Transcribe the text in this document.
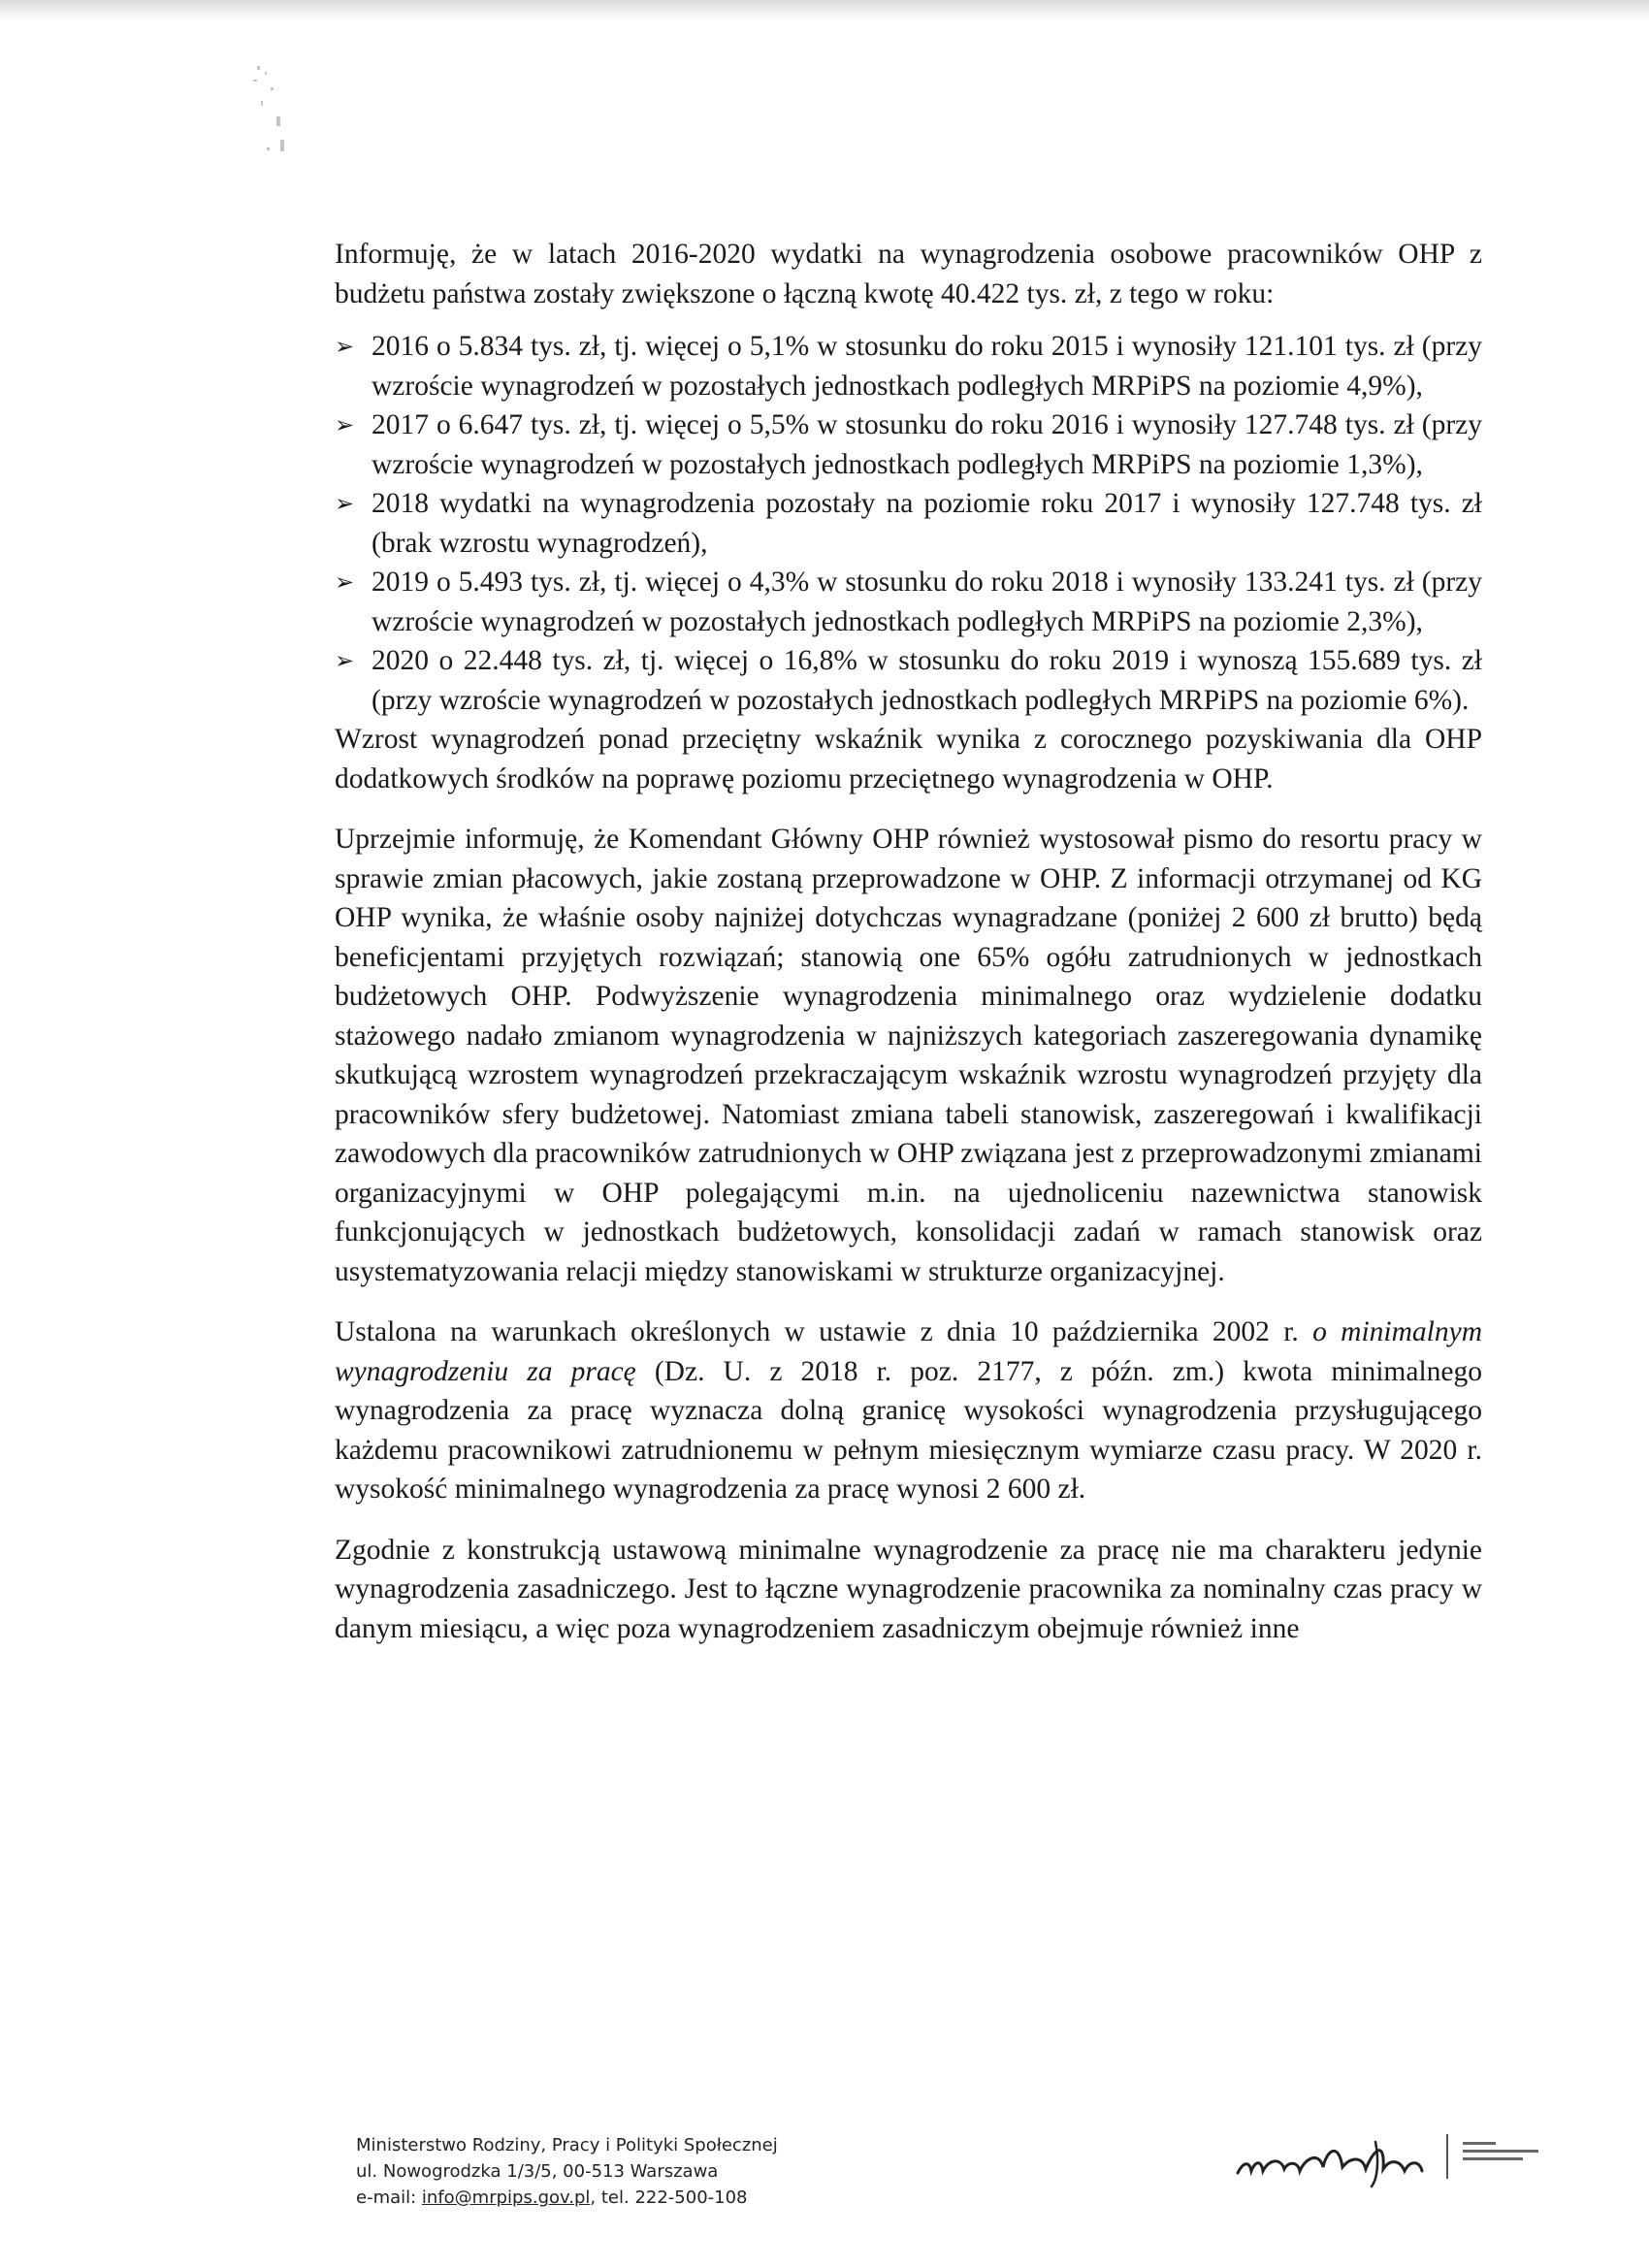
Informuję, że w latach 2016-2020 wydatki na wynagrodzenia osobowe pracowników OHP z budżetu państwa zostały zwiększone o łączną kwotę 40.422 tys. zł, z tego w roku:

➢ 2016 o 5.834 tys. zł, tj. więcej o 5,1% w stosunku do roku 2015 i wynosiły 121.101 tys. zł (przy wzroście wynagrodzeń w pozostałych jednostkach podległych MRPiPS na poziomie 4,9%),
➢ 2017 o 6.647 tys. zł, tj. więcej o 5,5% w stosunku do roku 2016 i wynosiły 127.748 tys. zł (przy wzroście wynagrodzeń w pozostałych jednostkach podległych MRPiPS na poziomie 1,3%),
➢ 2018 wydatki na wynagrodzenia pozostały na poziomie roku 2017 i wynosiły 127.748 tys. zł (brak wzrostu wynagrodzeń),
➢ 2019 o 5.493 tys. zł, tj. więcej o 4,3% w stosunku do roku 2018 i wynosiły 133.241 tys. zł (przy wzroście wynagrodzeń w pozostałych jednostkach podległych MRPiPS na poziomie 2,3%),
➢ 2020 o 22.448 tys. zł, tj. więcej o 16,8% w stosunku do roku 2019 i wynoszą 155.689 tys. zł (przy wzroście wynagrodzeń w pozostałych jednostkach podległych MRPiPS na poziomie 6%).

Wzrost wynagrodzeń ponad przeciętny wskaźnik wynika z corocznego pozyskiwania dla OHP dodatkowych środków na poprawę poziomu przeciętnego wynagrodzenia w OHP.

Uprzejmie informuję, że Komendant Główny OHP również wystosował pismo do resortu pracy w sprawie zmian płacowych, jakie zostaną przeprowadzone w OHP. Z informacji otrzymanej od KG OHP wynika, że właśnie osoby najniżej dotychczas wynagradzane (poniżej 2 600 zł brutto) będą beneficjentami przyjętych rozwiązań; stanowią one 65% ogółu zatrudnionych w jednostkach budżetowych OHP. Podwyższenie wynagrodzenia minimalnego oraz wydzielenie dodatku stażowego nadało zmianom wynagrodzenia w najniższych kategoriach zaszeregowania dynamikę skutkującą wzrostem wynagrodzeń przekraczającym wskaźnik wzrostu wynagrodzeń przyjęty dla pracowników sfery budżetowej. Natomiast zmiana tabeli stanowisk, zaszeregowań i kwalifikacji zawodowych dla pracowników zatrudnionych w OHP związana jest z przeprowadzonymi zmianami organizacyjnymi w OHP polegającymi m.in. na ujednoliceniu nazewnictwa stanowisk funkcjonujących w jednostkach budżetowych, konsolidacji zadań w ramach stanowisk oraz usystematyzowania relacji między stanowiskami w strukturze organizacyjnej.

Ustalona na warunkach określonych w ustawie z dnia 10 października 2002 r. o minimalnym wynagrodzeniu za pracę (Dz. U. z 2018 r. poz. 2177, z późn. zm.) kwota minimalnego wynagrodzenia za pracę wyznacza dolną granicę wysokości wynagrodzenia przysługującego każdemu pracownikowi zatrudnionemu w pełnym miesięcznym wymiarze czasu pracy. W 2020 r. wysokość minimalnego wynagrodzenia za pracę wynosi 2 600 zł.

Zgodnie z konstrukcją ustawową minimalne wynagrodzenie za pracę nie ma charakteru jedynie wynagrodzenia zasadniczego. Jest to łączne wynagrodzenie pracownika za nominalny czas pracy w danym miesiącu, a więc poza wynagrodzeniem zasadniczym obejmuje również inne

Ministerstwo Rodziny, Pracy i Polityki Społecznej
ul. Nowogrodzka 1/3/5, 00-513 Warszawa
e-mail: info@mrpips.gov.pl, tel. 222-500-108
